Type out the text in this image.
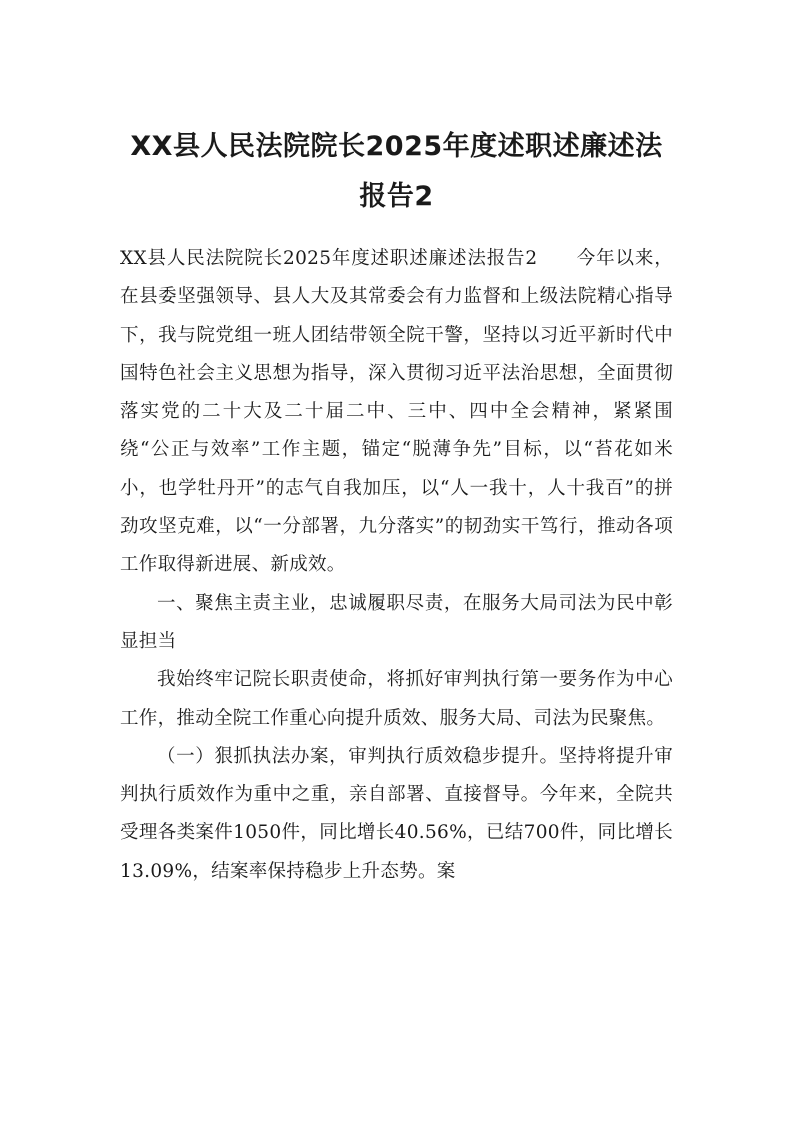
XX县人民法院院长2025年度述职述廉述法
报告2

XX县人民法院院长2025年度述职述廉述法报告2　　今年以来，在县委坚强领导、县人大及其常委会有力监督和上级法院精心指导下，我与院党组一班人团结带领全院干警，坚持以习近平新时代中国特色社会主义思想为指导，深入贯彻习近平法治思想，全面贯彻落实党的二十大及二十届二中、三中、四中全会精神，紧紧围绕“公正与效率”工作主题，锚定“脱薄争先”目标，以“苔花如米小，也学牡丹开”的志气自我加压，以“人一我十，人十我百”的拼劲攻坚克难，以“一分部署，九分落实”的韧劲实干笃行，推动各项工作取得新进展、新成效。

一、聚焦主责主业，忠诚履职尽责，在服务大局司法为民中彰显担当

我始终牢记院长职责使命，将抓好审判执行第一要务作为中心工作，推动全院工作重心向提升质效、服务大局、司法为民聚焦。

（一）狠抓执法办案，审判执行质效稳步提升。坚持将提升审判执行质效作为重中之重，亲自部署、直接督导。今年来，全院共受理各类案件1050件，同比增长40.56%，已结700件，同比增长13.09%，结案率保持稳步上升态势。案
